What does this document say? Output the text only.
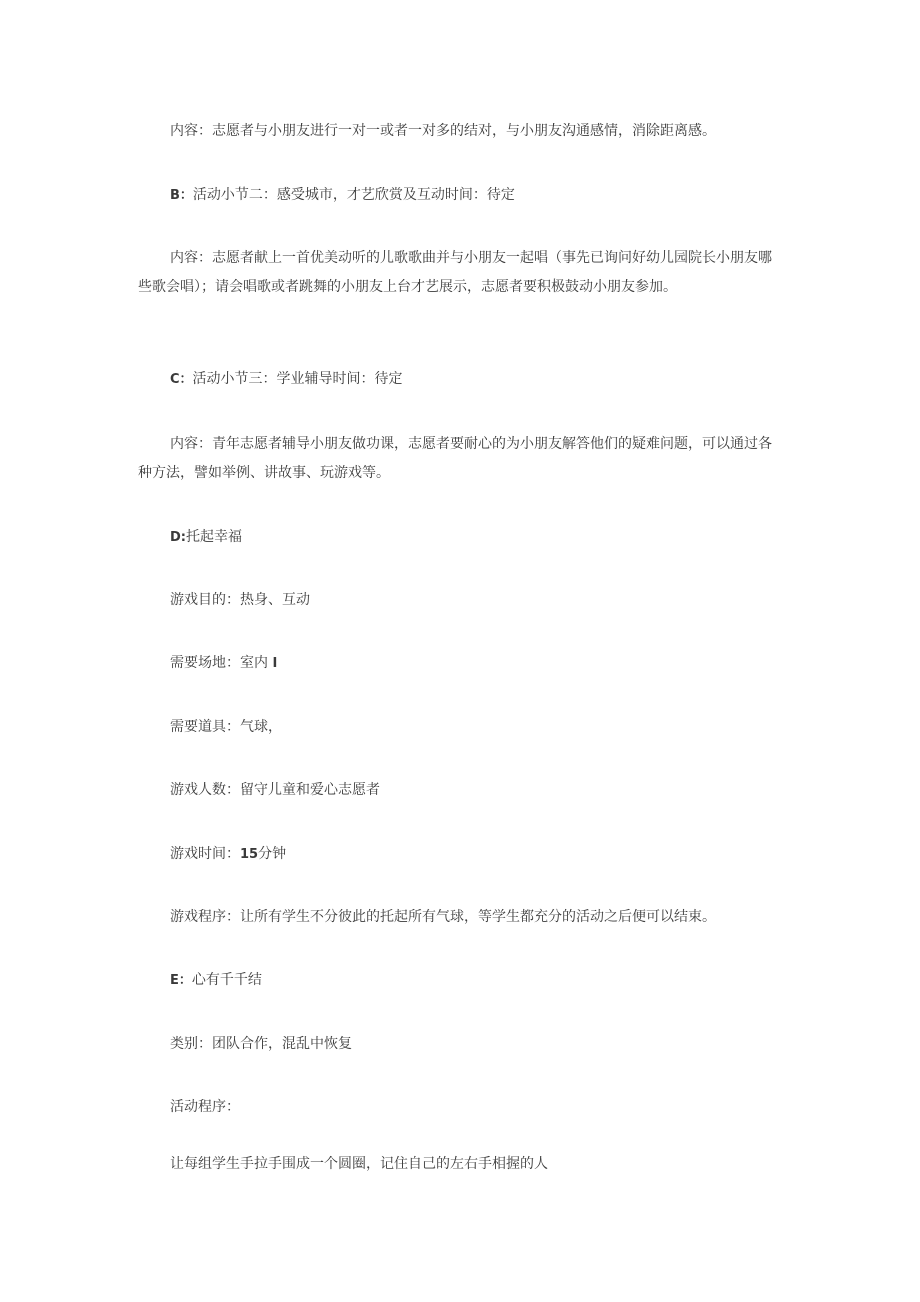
内容：志愿者与小朋友进行一对一或者一对多的结对，与小朋友沟通感情，消除距离感。

B：活动小节二：感受城市，才艺欣赏及互动时间：待定

内容：志愿者献上一首优美动听的儿歌歌曲并与小朋友一起唱（事先已询问好幼儿园院长小朋友哪些歌会唱）；请会唱歌或者跳舞的小朋友上台才艺展示，志愿者要积极鼓动小朋友参加。

C：活动小节三：学业辅导时间：待定

内容：青年志愿者辅导小朋友做功课，志愿者要耐心的为小朋友解答他们的疑难问题，可以通过各种方法，譬如举例、讲故事、玩游戏等。

D:托起幸福

游戏目的：热身、互动

需要场地：室内 I

需要道具：气球，

游戏人数：留守儿童和爱心志愿者

游戏时间：15分钟

游戏程序：让所有学生不分彼此的托起所有气球，等学生都充分的活动之后便可以结束。

E：心有千千结

类别：团队合作，混乱中恢复

活动程序：

让每组学生手拉手围成一个圆圈，记住自己的左右手相握的人
